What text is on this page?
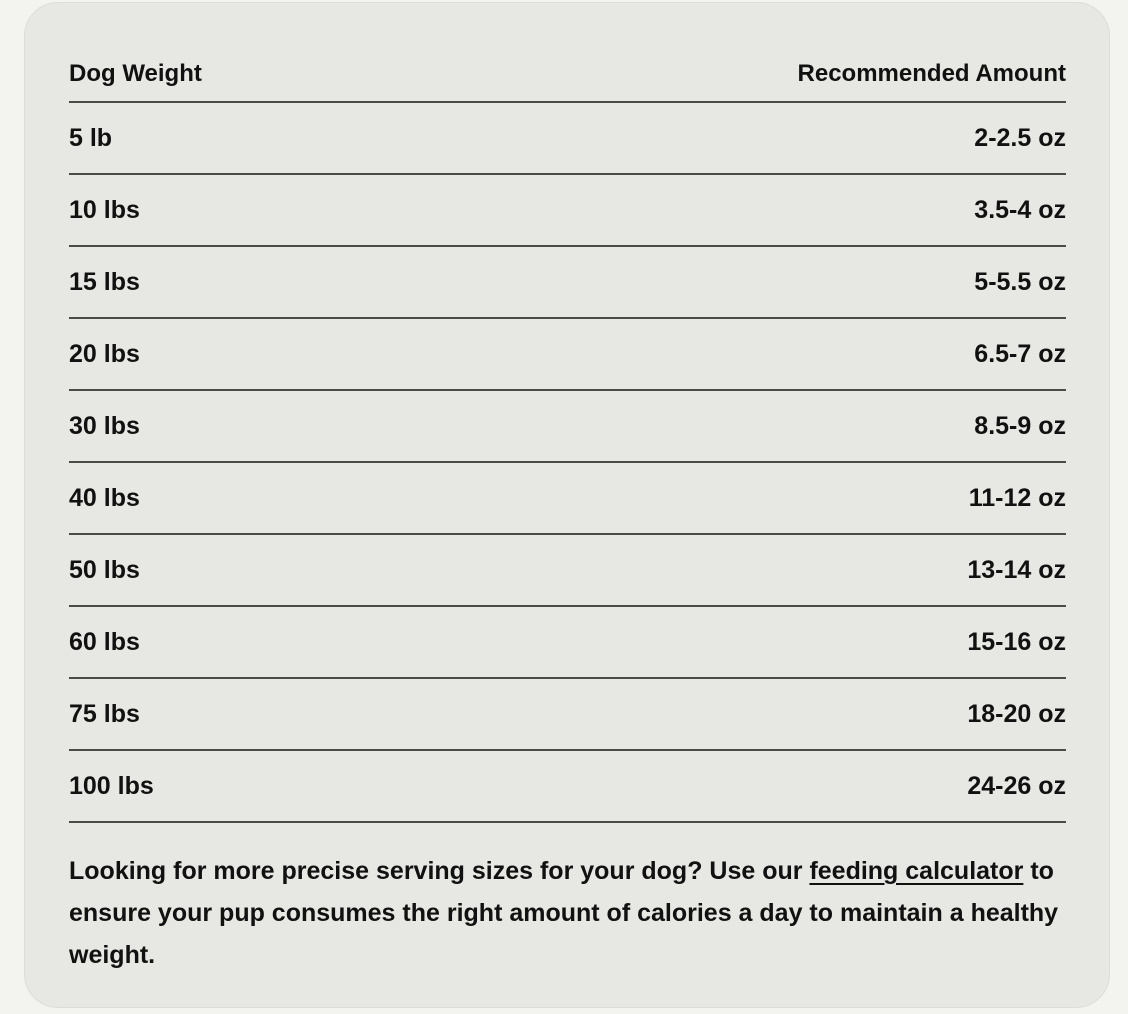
Dog Weight	Recommended Amount
5 lb	2-2.5 oz
10 lbs	3.5-4 oz
15 lbs	5-5.5 oz
20 lbs	6.5-7 oz
30 lbs	8.5-9 oz
40 lbs	11-12 oz
50 lbs	13-14 oz
60 lbs	15-16 oz
75 lbs	18-20 oz
100 lbs	24-26 oz

Looking for more precise serving sizes for your dog? Use our feeding calculator to ensure your pup consumes the right amount of calories a day to maintain a healthy weight.
